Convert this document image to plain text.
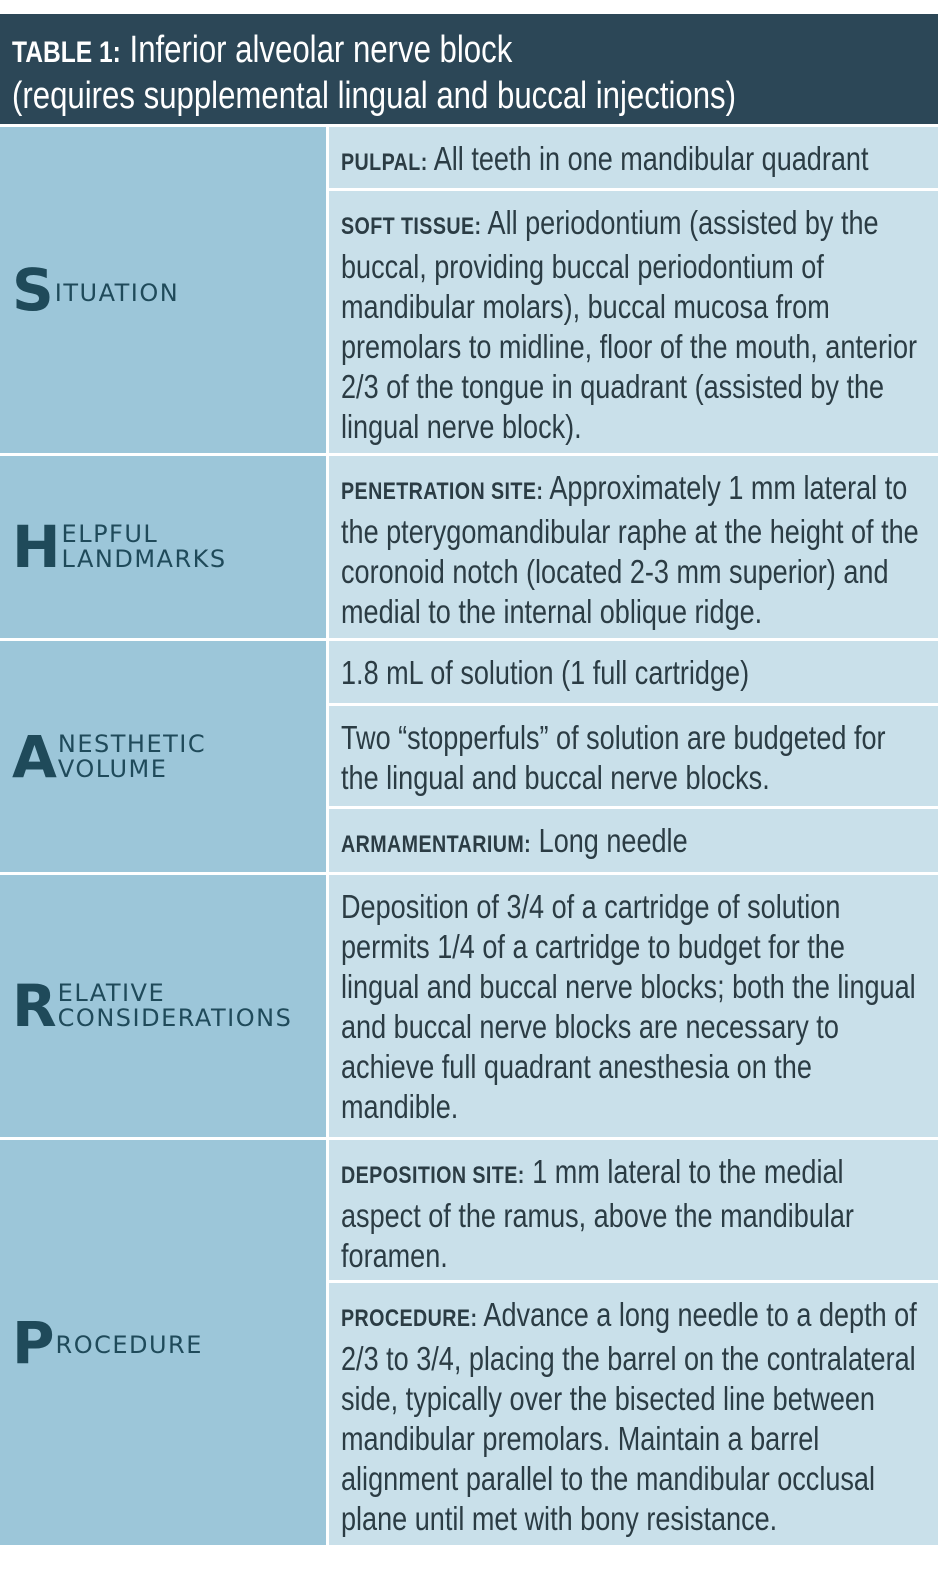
TABLE 1: Inferior alveolar nerve block
(requires supplemental lingual and buccal injections)
S ITUATION
PULPAL: All teeth in one mandibular quadrant
SOFT TISSUE: All periodontium (assisted by the buccal, providing buccal periodontium of mandibular molars), buccal mucosa from premolars to midline, floor of the mouth, anterior 2/3 of the tongue in quadrant (assisted by the lingual nerve block).
H ELPFUL
LANDMARKS
PENETRATION SITE: Approximately 1 mm lateral to the pterygomandibular raphe at the height of the coronoid notch (located 2-3 mm superior) and medial to the internal oblique ridge.
A NESTHETIC
VOLUME
1.8 mL of solution (1 full cartridge)
Two “stopperfuls” of solution are budgeted for the lingual and buccal nerve blocks.
ARMAMENTARIUM: Long needle
R ELATIVE
CONSIDERATIONS
Deposition of 3/4 of a cartridge of solution permits 1/4 of a cartridge to budget for the lingual and buccal nerve blocks; both the lingual and buccal nerve blocks are necessary to achieve full quadrant anesthesia on the mandible.
P ROCEDURE
DEPOSITION SITE: 1 mm lateral to the medial aspect of the ramus, above the mandibular foramen.
PROCEDURE: Advance a long needle to a depth of 2/3 to 3/4, placing the barrel on the contralateral side, typically over the bisected line between mandibular premolars. Maintain a barrel alignment parallel to the mandibular occlusal plane until met with bony resistance.
